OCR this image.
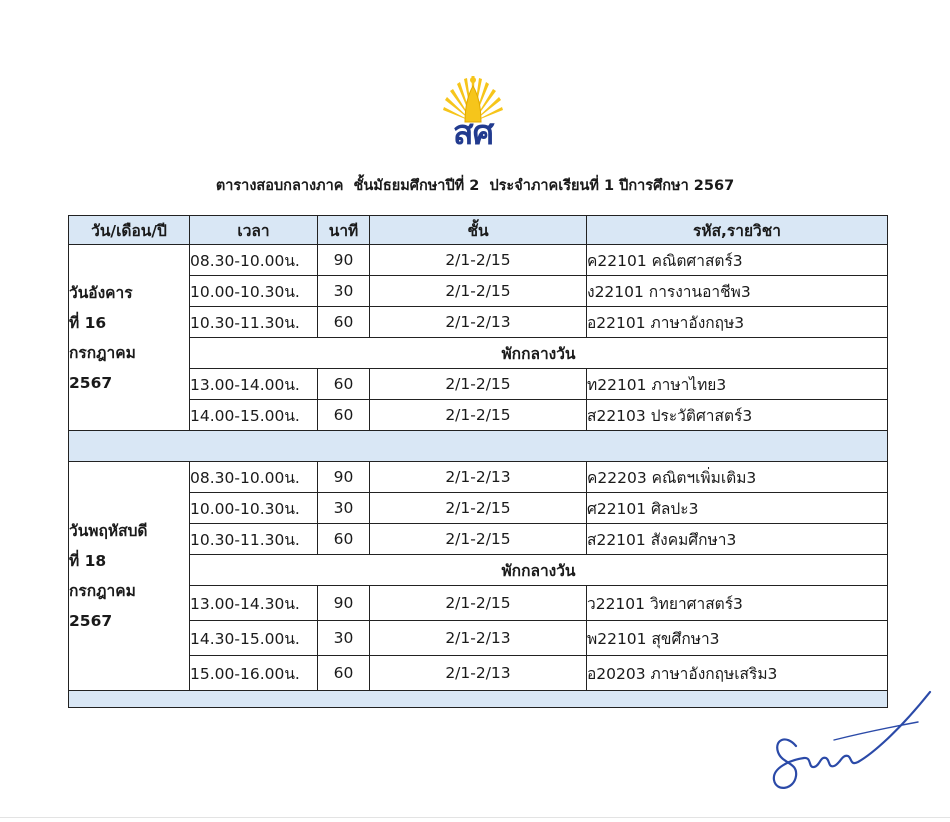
สศ
ตารางสอบกลางภาค  ชั้นมัธยมศึกษาปีที่ 2  ประจำภาคเรียนที่ 1 ปีการศึกษา 2567
วัน/เดือน/ปี	เวลา	นาที	ชั้น	รหัส,รายวิชา

วันอังคาร
ที่ 16
กรกฎาคม
2567	08.30-10.00น.	90	2/1-2/15	ค22101 คณิตศาสตร์3
	10.00-10.30น.	30	2/1-2/15	ง22101 การงานอาชีพ3
	10.30-11.30น.	60	2/1-2/13	อ22101 ภาษาอังกฤษ3
	พักกลางวัน			
	13.00-14.00น.	60	2/1-2/15	ท22101 ภาษาไทย3
	14.00-15.00น.	60	2/1-2/15	ส22103 ประวัติศาสตร์3

วันพฤหัสบดี
ที่ 18
กรกฎาคม
2567	08.30-10.00น.	90	2/1-2/13	ค22203 คณิตฯเพิ่มเติม3
	10.00-10.30น.	30	2/1-2/15	ศ22101 ศิลปะ3
	10.30-11.30น.	60	2/1-2/15	ส22101 สังคมศึกษา3
	พักกลางวัน			
	13.00-14.30น.	90	2/1-2/15	ว22101 วิทยาศาสตร์3
	14.30-15.00น.	30	2/1-2/13	พ22101 สุขศึกษา3
	15.00-16.00น.	60	2/1-2/13	อ20203 ภาษาอังกฤษเสริม3
